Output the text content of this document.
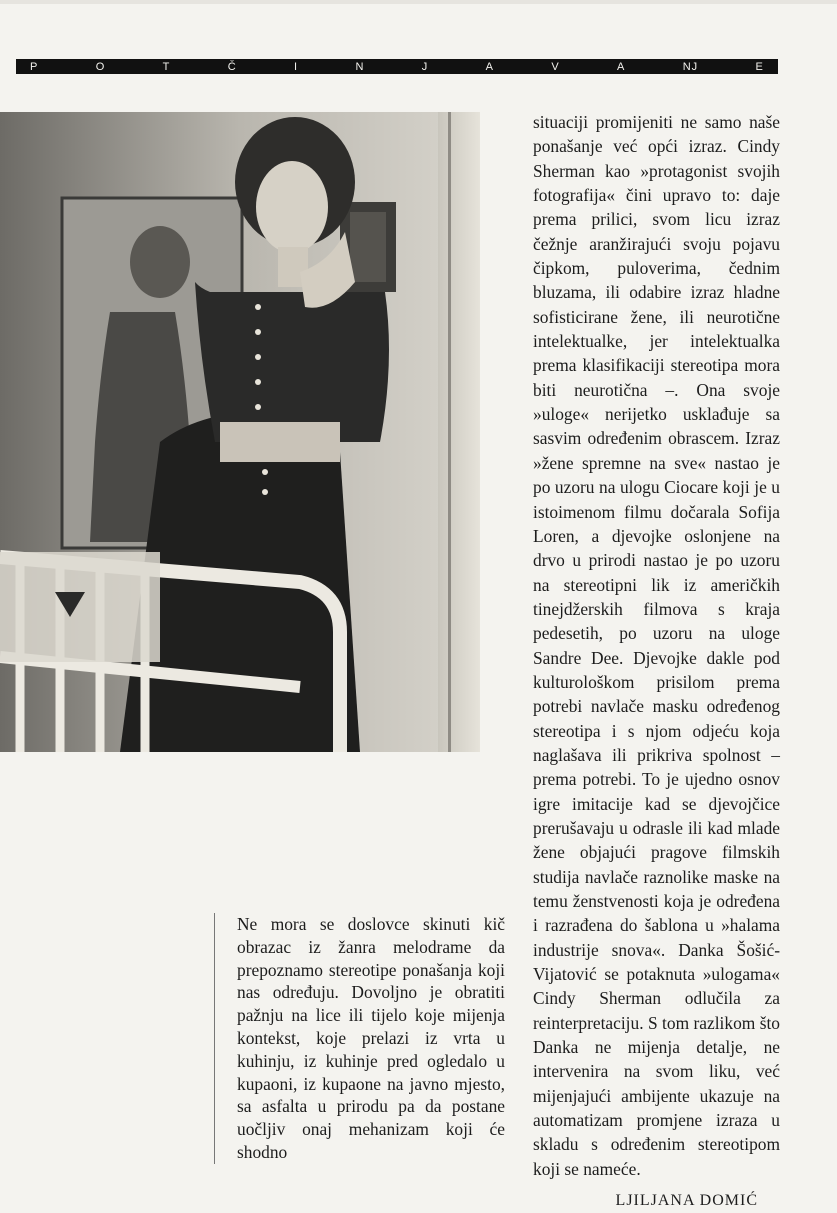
P	O	T	Č	I	N	J	A	V	A	NJ	E

situaciji promijeniti ne samo naše ponašanje već opći izraz. Cindy Sherman kao »protagonist svojih fotografija« čini upravo to: daje prema prilici, svom licu izraz čežnje aranžirajući svoju pojavu čipkom, puloverima, čednim bluzama, ili odabire izraz hladne sofisticirane žene, ili neurotične intelektualke, jer intelektualka prema klasifikaciji stereotipa mora biti neurotična –. Ona svoje »uloge« nerijetko usklađuje sa sasvim određenim obrascem. Izraz »žene spremne na sve« nastao je po uzoru na ulogu Ciocare koji je u istoimenom filmu dočarala Sofija Loren, a djevojke oslonjene na drvo u prirodi nastao je po uzoru na stereotipni lik iz američkih tinejdžerskih filmova s kraja pedesetih, po uzoru na uloge Sandre Dee. Djevojke dakle pod kulturološkom prisilom prema potrebi navlače masku određenog stereotipa i s njom odjeću koja naglašava ili prikriva spolnost – prema potrebi. To je ujedno osnov igre imitacije kad se djevojčice prerušavaju u odrasle ili kad mlade žene objajući pragove filmskih studija navlače raznolike maske na temu ženstvenosti koja je određena i razrađena do šablona u »halama industrije snova«. Danka Šošić-Vijatović se potaknuta »ulogama« Cindy Sherman odlučila za reinterpretaciju. S tom razlikom što Danka ne mijenja detalje, ne intervenira na svom liku, već mijenjajući ambijente ukazuje na automatizam promjene izraza u skladu s određenim stereotipom koji se nameće.

LJILJANA DOMIĆ

Ne mora se doslovce skinuti kič obrazac iz žanra melodrame da prepoznamo stereotipe ponašanja koji nas određuju. Dovoljno je obratiti pažnju na lice ili tijelo koje mijenja kontekst, koje prelazi iz vrta u kuhinju, iz kuhinje pred ogledalo u kupaoni, iz kupaone na javno mjesto, sa asfalta u prirodu pa da postane uočljiv onaj mehanizam koji će shodno
